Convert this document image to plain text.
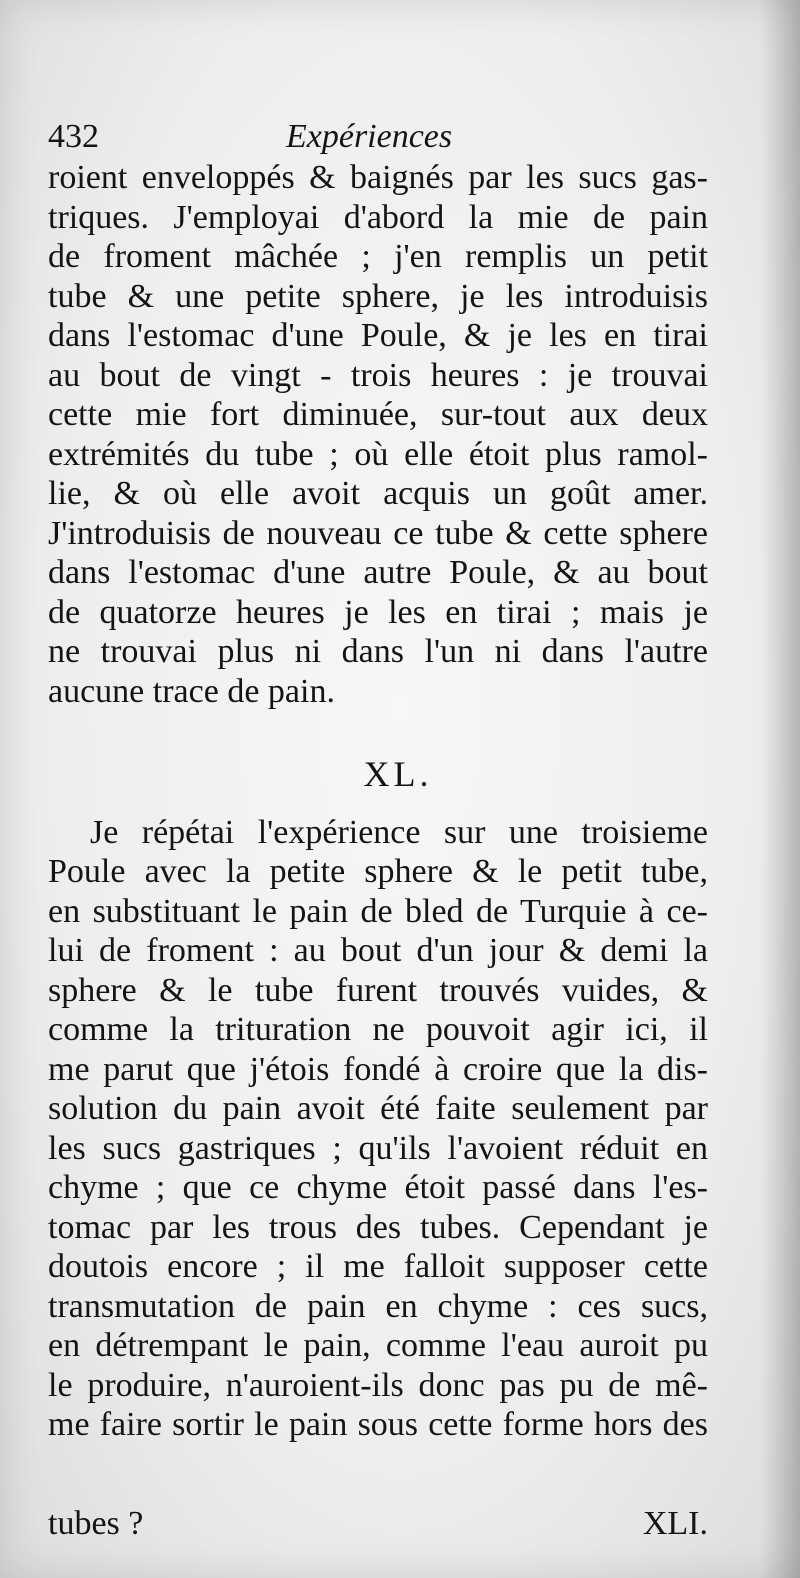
432	Expériences
roient enveloppés & baignés par les sucs gas-
triques. J'employai d'abord la mie de pain
de froment mâchée ; j'en remplis un petit
tube & une petite sphere, je les introduisis
dans l'estomac d'une Poule, & je les en tirai
au bout de vingt - trois heures : je trouvai
cette mie fort diminuée, sur-tout aux deux
extrémités du tube ; où elle étoit plus ramol-
lie, & où elle avoit acquis un goût amer.
J'introduisis de nouveau ce tube & cette sphere
dans l'estomac d'une autre Poule, & au bout
de quatorze heures je les en tirai ; mais je
ne trouvai plus ni dans l'un ni dans l'autre
aucune trace de pain.
XL.
Je répétai l'expérience sur une troisieme
Poule avec la petite sphere & le petit tube,
en substituant le pain de bled de Turquie à ce-
lui de froment : au bout d'un jour & demi la
sphere & le tube furent trouvés vuides, &
comme la trituration ne pouvoit agir ici, il
me parut que j'étois fondé à croire que la dis-
solution du pain avoit été faite seulement par
les sucs gastriques ; qu'ils l'avoient réduit en
chyme ; que ce chyme étoit passé dans l'es-
tomac par les trous des tubes. Cependant je
doutois encore ; il me falloit supposer cette
transmutation de pain en chyme : ces sucs,
en détrempant le pain, comme l'eau auroit pu
le produire, n'auroient-ils donc pas pu de mê-
me faire sortir le pain sous cette forme hors des
tubes ?	XLI.
